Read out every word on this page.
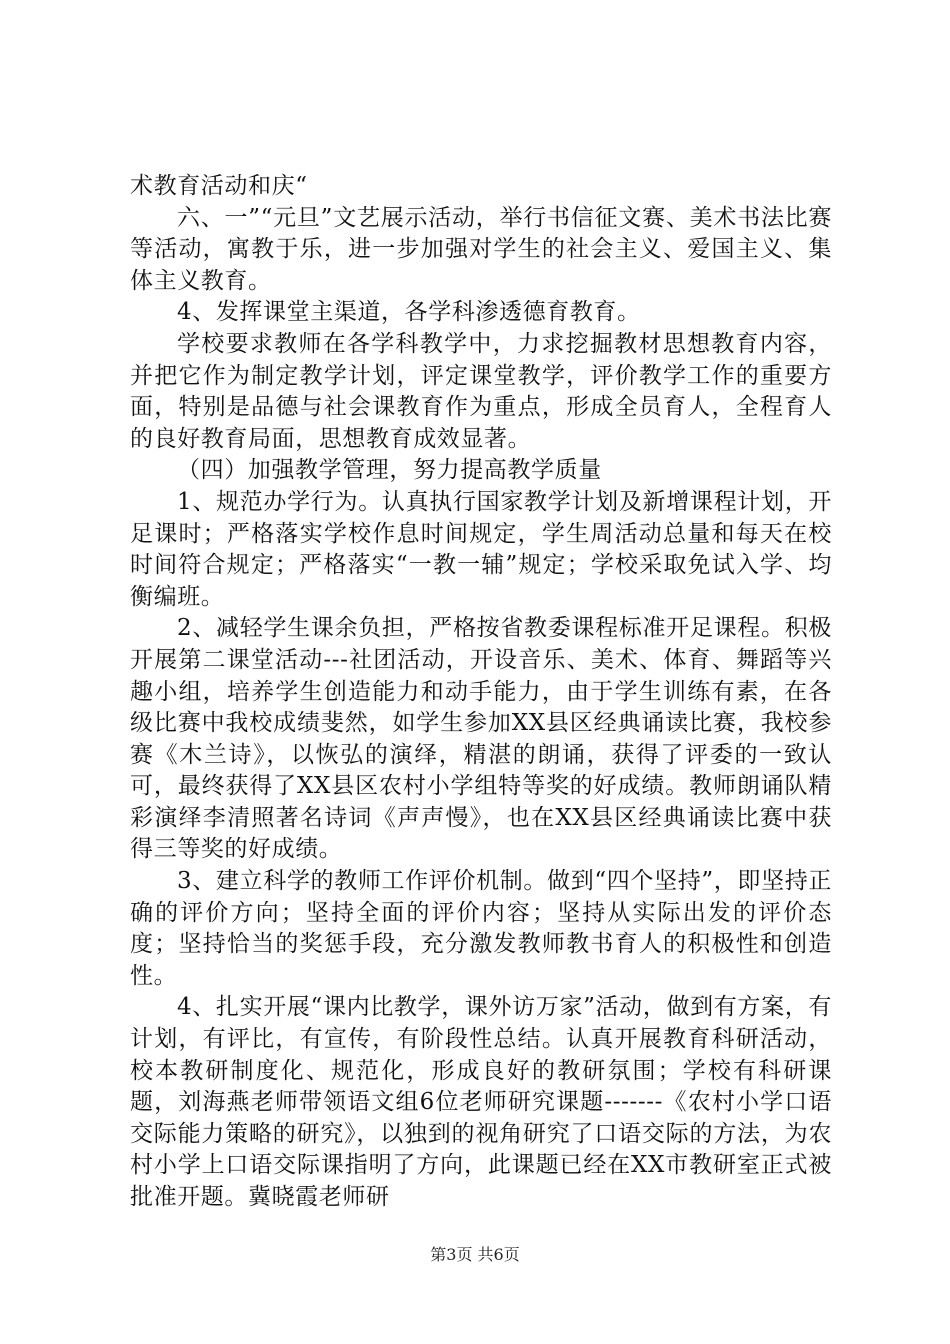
术教育活动和庆“

六、一”“元旦”文艺展示活动，举行书信征文赛、美术书法比赛等活动，寓教于乐，进一步加强对学生的社会主义、爱国主义、集体主义教育。

4、发挥课堂主渠道，各学科渗透德育教育。

学校要求教师在各学科教学中，力求挖掘教材思想教育内容，并把它作为制定教学计划，评定课堂教学，评价教学工作的重要方面，特别是品德与社会课教育作为重点，形成全员育人，全程育人的良好教育局面，思想教育成效显著。

（四）加强教学管理，努力提高教学质量

1、规范办学行为。认真执行国家教学计划及新增课程计划，开足课时；严格落实学校作息时间规定，学生周活动总量和每天在校时间符合规定；严格落实“一教一辅”规定；学校采取免试入学、均衡编班。

2、减轻学生课余负担，严格按省教委课程标准开足课程。积极开展第二课堂活动---社团活动，开设音乐、美术、体育、舞蹈等兴趣小组，培养学生创造能力和动手能力，由于学生训练有素，在各级比赛中我校成绩斐然，如学生参加XX县区经典诵读比赛，我校参赛《木兰诗》，以恢弘的演绎，精湛的朗诵，获得了评委的一致认可，最终获得了XX县区农村小学组特等奖的好成绩。教师朗诵队精彩演绎李清照著名诗词《声声慢》，也在XX县区经典诵读比赛中获得三等奖的好成绩。

3、建立科学的教师工作评价机制。做到“四个坚持”，即坚持正确的评价方向；坚持全面的评价内容；坚持从实际出发的评价态度；坚持恰当的奖惩手段，充分激发教师教书育人的积极性和创造性。

4、扎实开展“课内比教学，课外访万家”活动，做到有方案，有计划，有评比，有宣传，有阶段性总结。认真开展教育科研活动，校本教研制度化、规范化，形成良好的教研氛围；学校有科研课题，刘海燕老师带领语文组6位老师研究课题-------《农村小学口语交际能力策略的研究》，以独到的视角研究了口语交际的方法，为农村小学上口语交际课指明了方向，此课题已经在XX市教研室正式被批准开题。冀晓霞老师研

第3页 共6页
